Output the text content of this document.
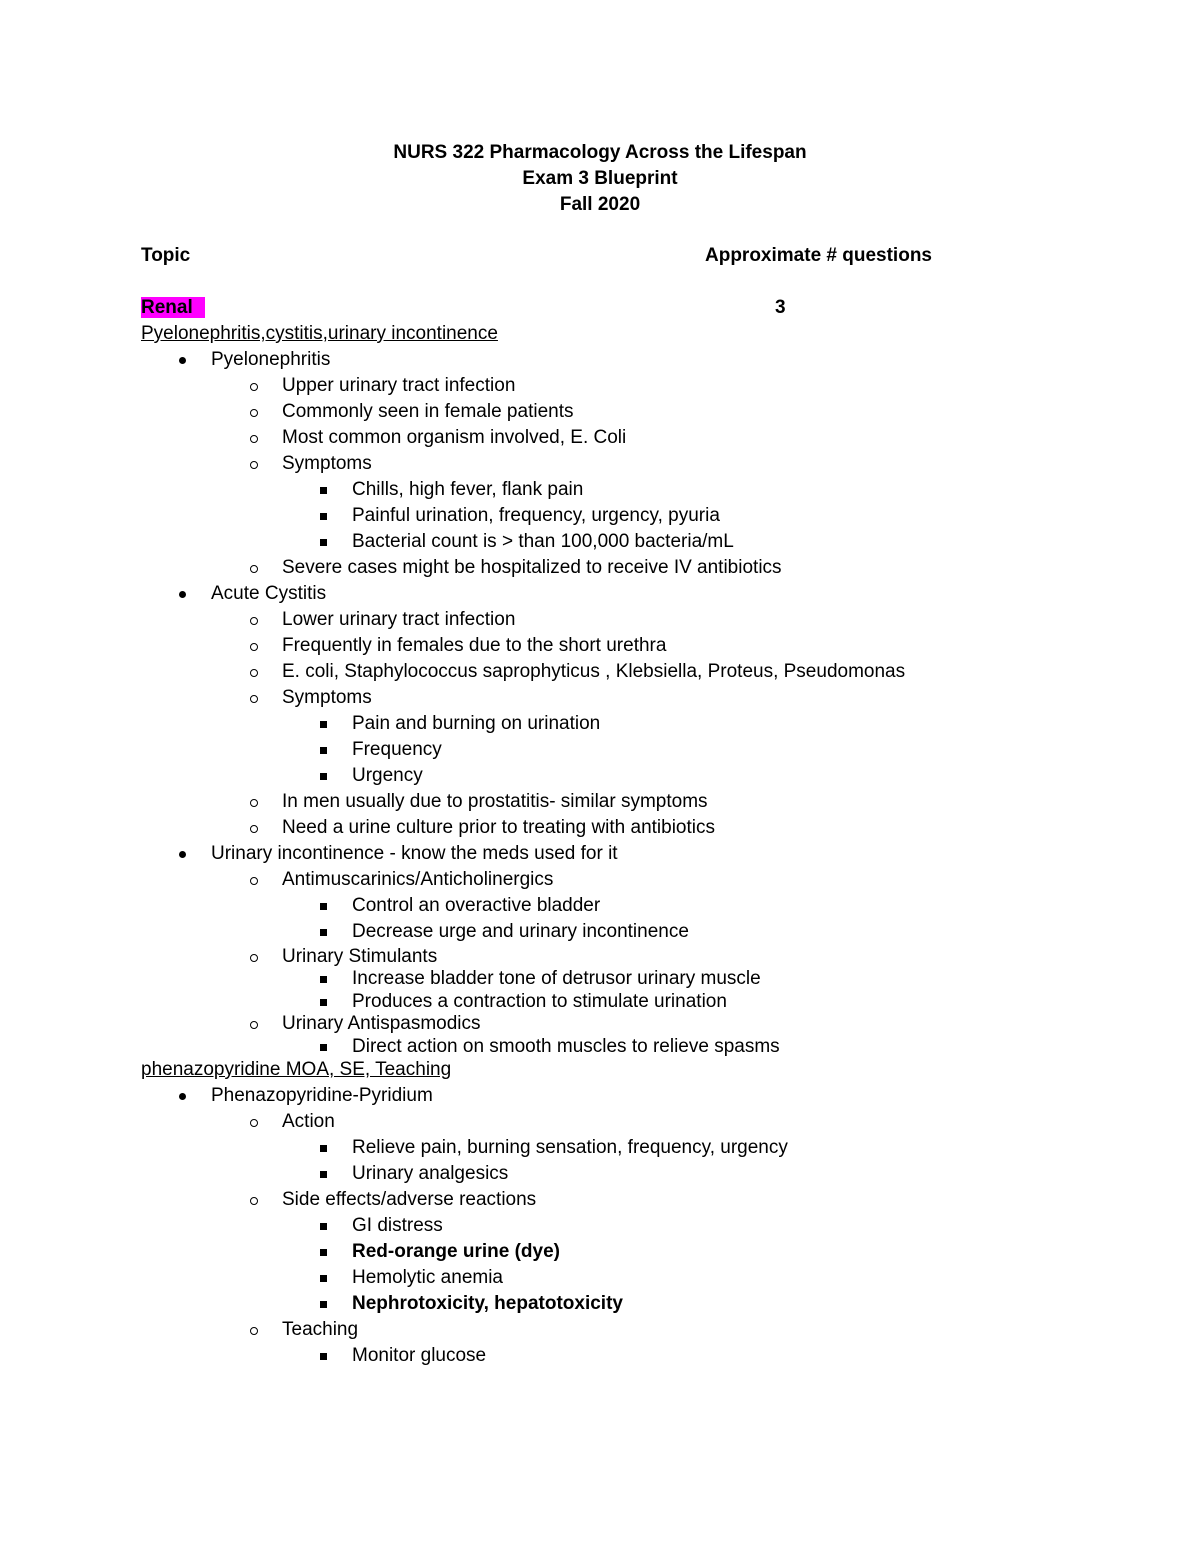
NURS 322 Pharmacology Across the Lifespan
Exam 3 Blueprint
Fall 2020
Topic	Approximate # questions
Renal	3
Pyelonephritis,cystitis,urinary incontinence
Pyelonephritis
Upper urinary tract infection
Commonly seen in female patients
Most common organism involved, E. Coli
Symptoms
Chills, high fever, flank pain
Painful urination, frequency, urgency, pyuria
Bacterial count is > than 100,000 bacteria/mL
Severe cases might be hospitalized to receive IV antibiotics
Acute Cystitis
Lower urinary tract infection
Frequently in females due to the short urethra
E. coli, Staphylococcus saprophyticus , Klebsiella, Proteus, Pseudomonas
Symptoms
Pain and burning on urination
Frequency
Urgency
In men usually due to prostatitis- similar symptoms
Need a urine culture prior to treating with antibiotics
Urinary incontinence - know the meds used for it
Antimuscarinics/Anticholinergics
Control an overactive bladder
Decrease urge and urinary incontinence
Urinary Stimulants
Increase bladder tone of detrusor urinary muscle
Produces a contraction to stimulate urination
Urinary Antispasmodics
Direct action on smooth muscles to relieve spasms
phenazopyridine MOA, SE, Teaching
Phenazopyridine-Pyridium
Action
Relieve pain, burning sensation, frequency, urgency
Urinary analgesics
Side effects/adverse reactions
GI distress
Red-orange urine (dye)
Hemolytic anemia
Nephrotoxicity, hepatotoxicity
Teaching
Monitor glucose
